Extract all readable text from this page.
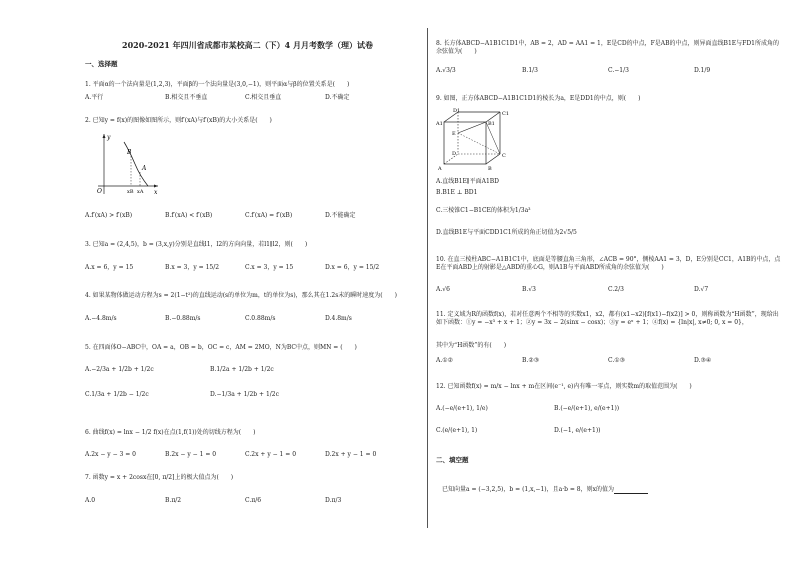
2020-2021 年四川省成都市某校高二（下）4 月月考数学（理）试卷
一、选择题
1. 平面α的一个法向量是(1,2,3)，平面β的一个法向量是(3,0,−1)，则平面α与β的位置关系是(　　)
A.平行	B.相交且不垂直	C.相交且垂直	D.不确定
2. 已知y = f(x)的图像如图所示，则f′(xA)与f′(xB)的大小关系是(　　)
y
x
O
B
A
xB xA
A.f′(xA) > f′(xB)	B.f′(xA) < f′(xB)	C.f′(xA) = f′(xB)	D.不能确定
3. 已知a = (2,4,5)，b = (3,x,y)分别是直线l1，l2的方向向量，若l1∥l2，则(　　)
A.x = 6，y = 15	B.x = 3，y = 15/2	C.x = 3，y = 15	D.x = 6，y = 15/2
4. 如果某物体做运动方程为s = 2(1−t²)的直线运动(s的单位为m，t的单位为s)，那么其在1.2s末的瞬时速度为(　　)
A.−4.8m/s	B.−0.88m/s	C.0.88m/s	D.4.8m/s
5. 在四面体O−ABC中，OA = a，OB = b，OC = c，AM = 2MO，N为BC中点，则MN = (　　)
A.−2/3a + 1/2b + 1/2c	B.1/2a + 1/2b + 1/2c
C.1/3a + 1/2b − 1/2c	D.−1/3a + 1/2b + 1/2c
6. 曲线f(x) = lnx − 1/2 f(x)在点(1,f(1))处的切线方程为(　　)
A.2x − y − 3 = 0	B.2x − y − 1 = 0	C.2x + y − 1 = 0	D.2x + y − 1 = 0
7. 函数y = x + 2cosx在[0, π/2]上的极大值点为(　　)
A.0	B.π/2	C.π/6	D.π/3
8. 长方体ABCD−A1B1C1D1中，AB = 2，AD = AA1 = 1，E是CD的中点，F是AB的中点，则异面直线B1E与FD1所成角的余弦值为(　　)
A.√3/3	B.1/3	C.−1/3	D.1/9
9. 如图，正方体ABCD−A1B1C1D1的棱长为a，E是DD1的中点，则(　　)
D1	C1
A1	B1
E
D	C
A	B
A.直线B1E∥平面A1BD
B.B1E ⊥ BD1
C.三棱锥C1−B1CE的体积为1/3a³
D.直线B1E与平面CDD1C1所成的角正切值为2√5/5
10. 在直三棱柱ABC−A1B1C1中，底面是等腰直角三角形，∠ACB = 90°，侧棱AA1 = 3，D，E分别是CC1，A1B的中点，点E在平面ABD上的射影是△ABD的重心G，则A1B与平面ABD所成角的余弦值为(　　)
A.√6	B.√3	C.2/3	D.√7
11. 定义域为R的函数f(x)，若对任意两个不相等的实数x1，x2，都有(x1−x2)[f(x1)−f(x2)] > 0，则称函数为“H函数”，现给出如下函数：①y = −x³ + x + 1；②y = 3x − 2(sinx − cosx)；③y = eˣ + 1；④f(x) = {ln|x|, x≠0; 0, x = 0}，
其中为“H函数”的有(　　)
A.①②	B.②③	C.①③	D.③④
12. 已知函数f(x) = m/x − lnx + m在区间(e⁻¹, e)内有唯一零点，则实数m的取值范围为(　　)
A.(−e/(e+1), 1/e)	B.(−e/(e+1), e/(e+1))
C.(e/(e+1), 1)	D.(−1, e/(e+1))
二、填空题
已知向量a = (−3,2,5)，b = (1,x,−1)，且a·b = 8，则x的值为
